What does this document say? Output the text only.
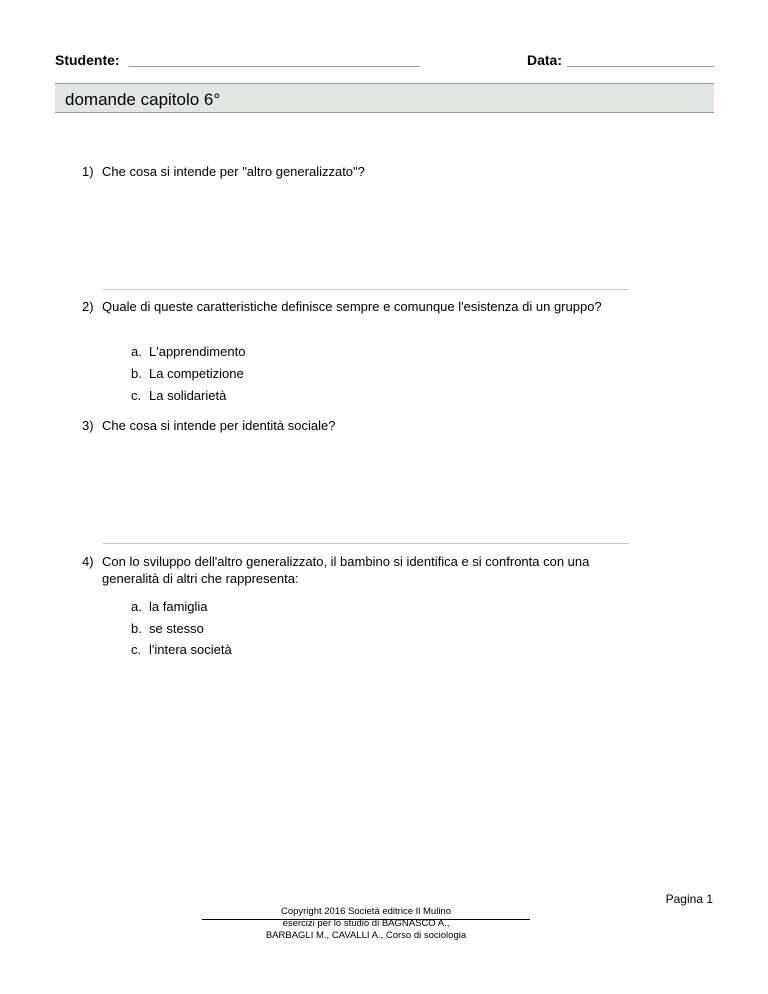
Studente:	Data:
domande capitolo 6°
1) Che cosa si intende per "altro generalizzato"?
2) Quale di queste caratteristiche definisce sempre e comunque l'esistenza di un gruppo?
a. L'apprendimento
b. La competizione
c. La solidarietà
3) Che cosa si intende per identità sociale?
4) Con lo sviluppo dell'altro generalizzato, il bambino si identifica e si confronta con una generalità di altri che rappresenta:
a. la famiglia
b. se stesso
c. l'intera società
Pagina 1
Copyright 2016 Società editrice Il Mulino
esercizi per lo studio di BAGNASCO A.,
BARBAGLI M., CAVALLI A., Corso di sociologia
